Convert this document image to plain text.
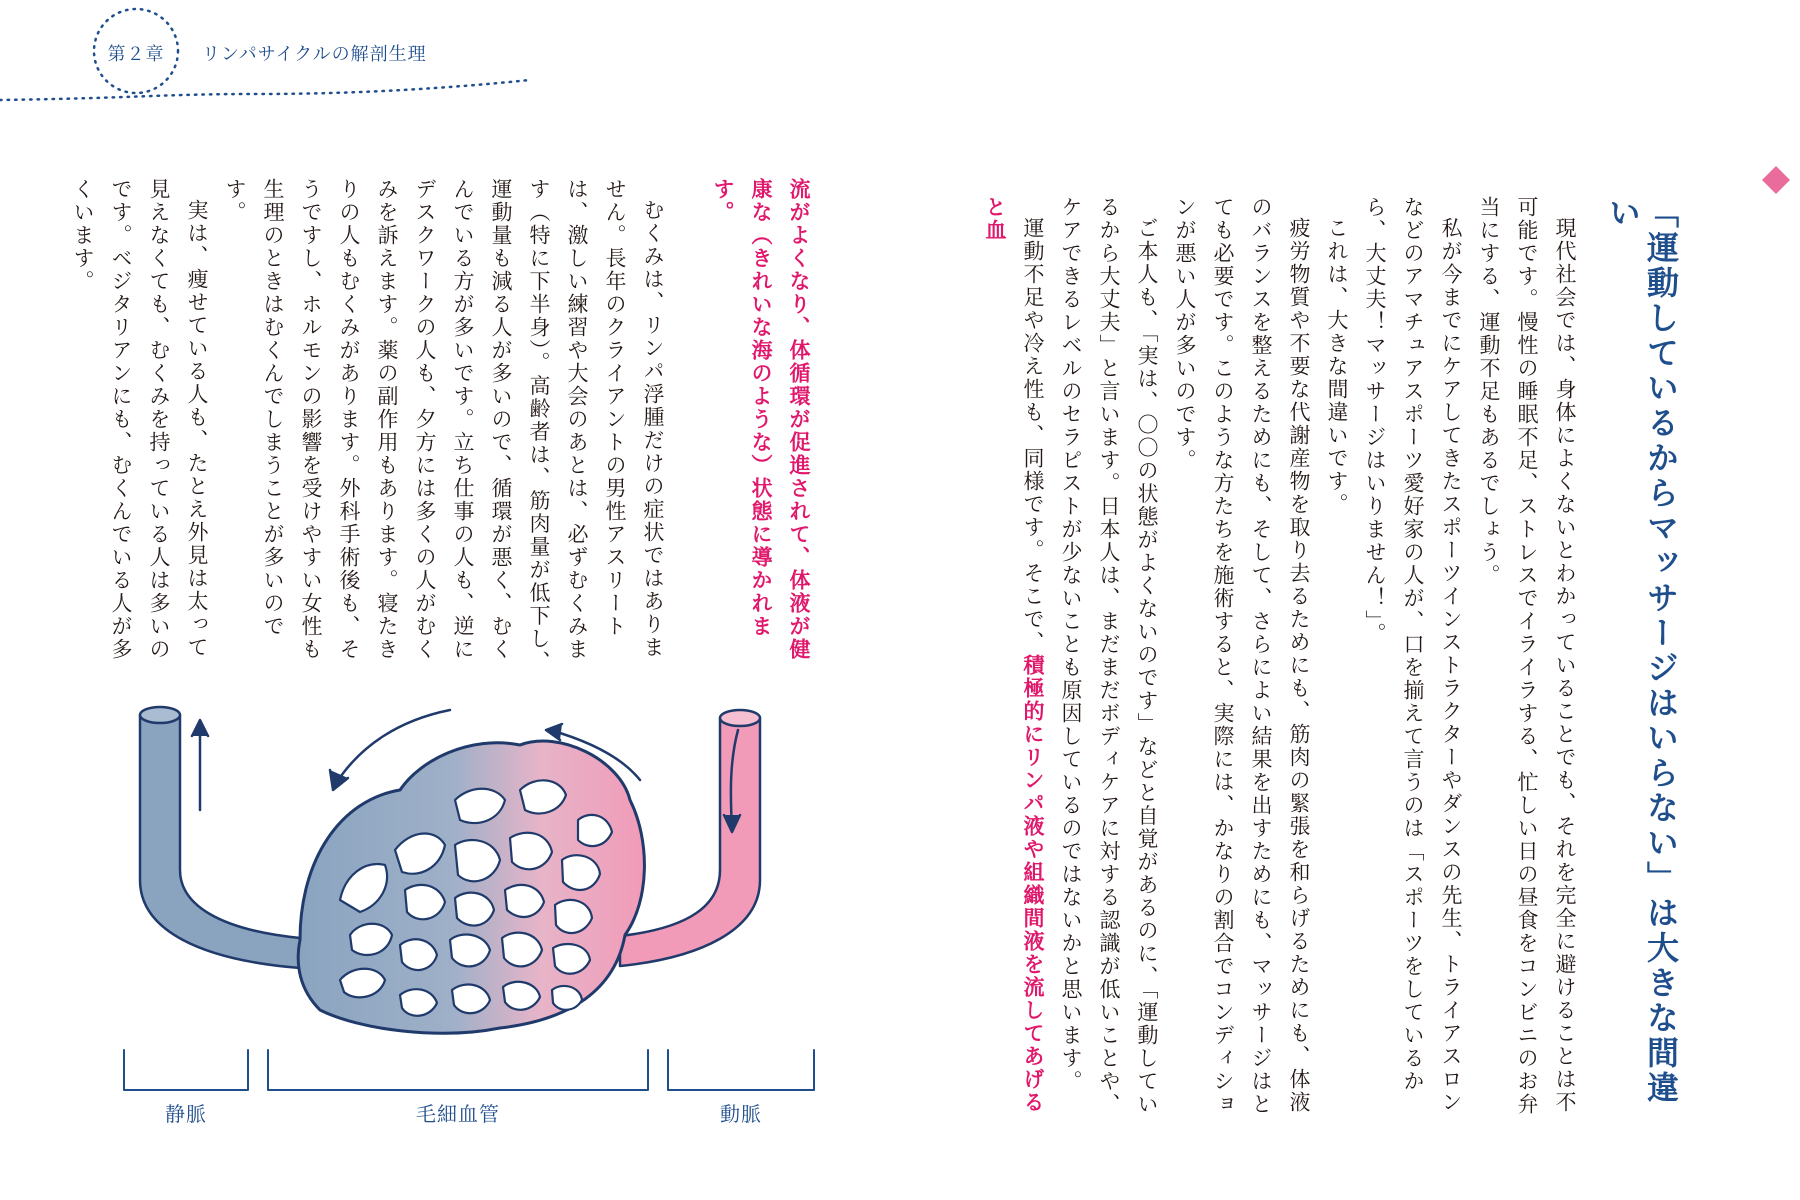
第２章	リンパサイクルの解剖生理
「運動しているからマッサージはいらない」は大きな間違い

現代社会では、身体によくないとわかっていることでも、それを完全に避けることは不可能です。慢性の睡眠不足、ストレスでイライラする、忙しい日の昼食をコンビニのお弁当にする、運動不足もあるでしょう。

私が今までにケアしてきたスポーツインストラクターやダンスの先生、トライアスロンなどのアマチュアスポーツ愛好家の人が、口を揃えて言うのは「スポーツをしているから、大丈夫！マッサージはいりません！」。

これは、大きな間違いです。

疲労物質や不要な代謝産物を取り去るためにも、筋肉の緊張を和らげるためにも、体液のバランスを整えるためにも、そして、さらによい結果を出すためにも、マッサージはとても必要です。このような方たちを施術すると、実際には、かなりの割合でコンディションが悪い人が多いのです。

ご本人も、「実は、〇〇の状態がよくないのです」などと自覚があるのに、「運動しているから大丈夫」と言います。日本人は、まだまだボディケアに対する認識が低いことや、ケアできるレベルのセラピストが少ないことも原因しているのではないかと思います。

運動不足や冷え性も、同様です。そこで、積極的にリンパ液や組織間液を流してあげると血

流がよくなり、体循環が促進されて、体液が健康な（きれいな海のような）状態に導かれます。

むくみは、リンパ浮腫だけの症状ではありません。長年のクライアントの男性アスリートは、激しい練習や大会のあとは、必ずむくみます（特に下半身）。高齢者は、筋肉量が低下し、運動量も減る人が多いので、循環が悪く、むくんでいる方が多いです。立ち仕事の人も、逆にデスクワークの人も、夕方には多くの人がむくみを訴えます。薬の副作用もあります。寝たきりの人もむくみがあります。外科手術後も、そうですし、ホルモンの影響を受けやすい女性も生理のときはむくんでしまうことが多いのです。

実は、痩せている人も、たとえ外見は太って見えなくても、むくみを持っている人は多いのです。ベジタリアンにも、むくんでいる人が多くいます。

静脈	毛細血管	動脈
